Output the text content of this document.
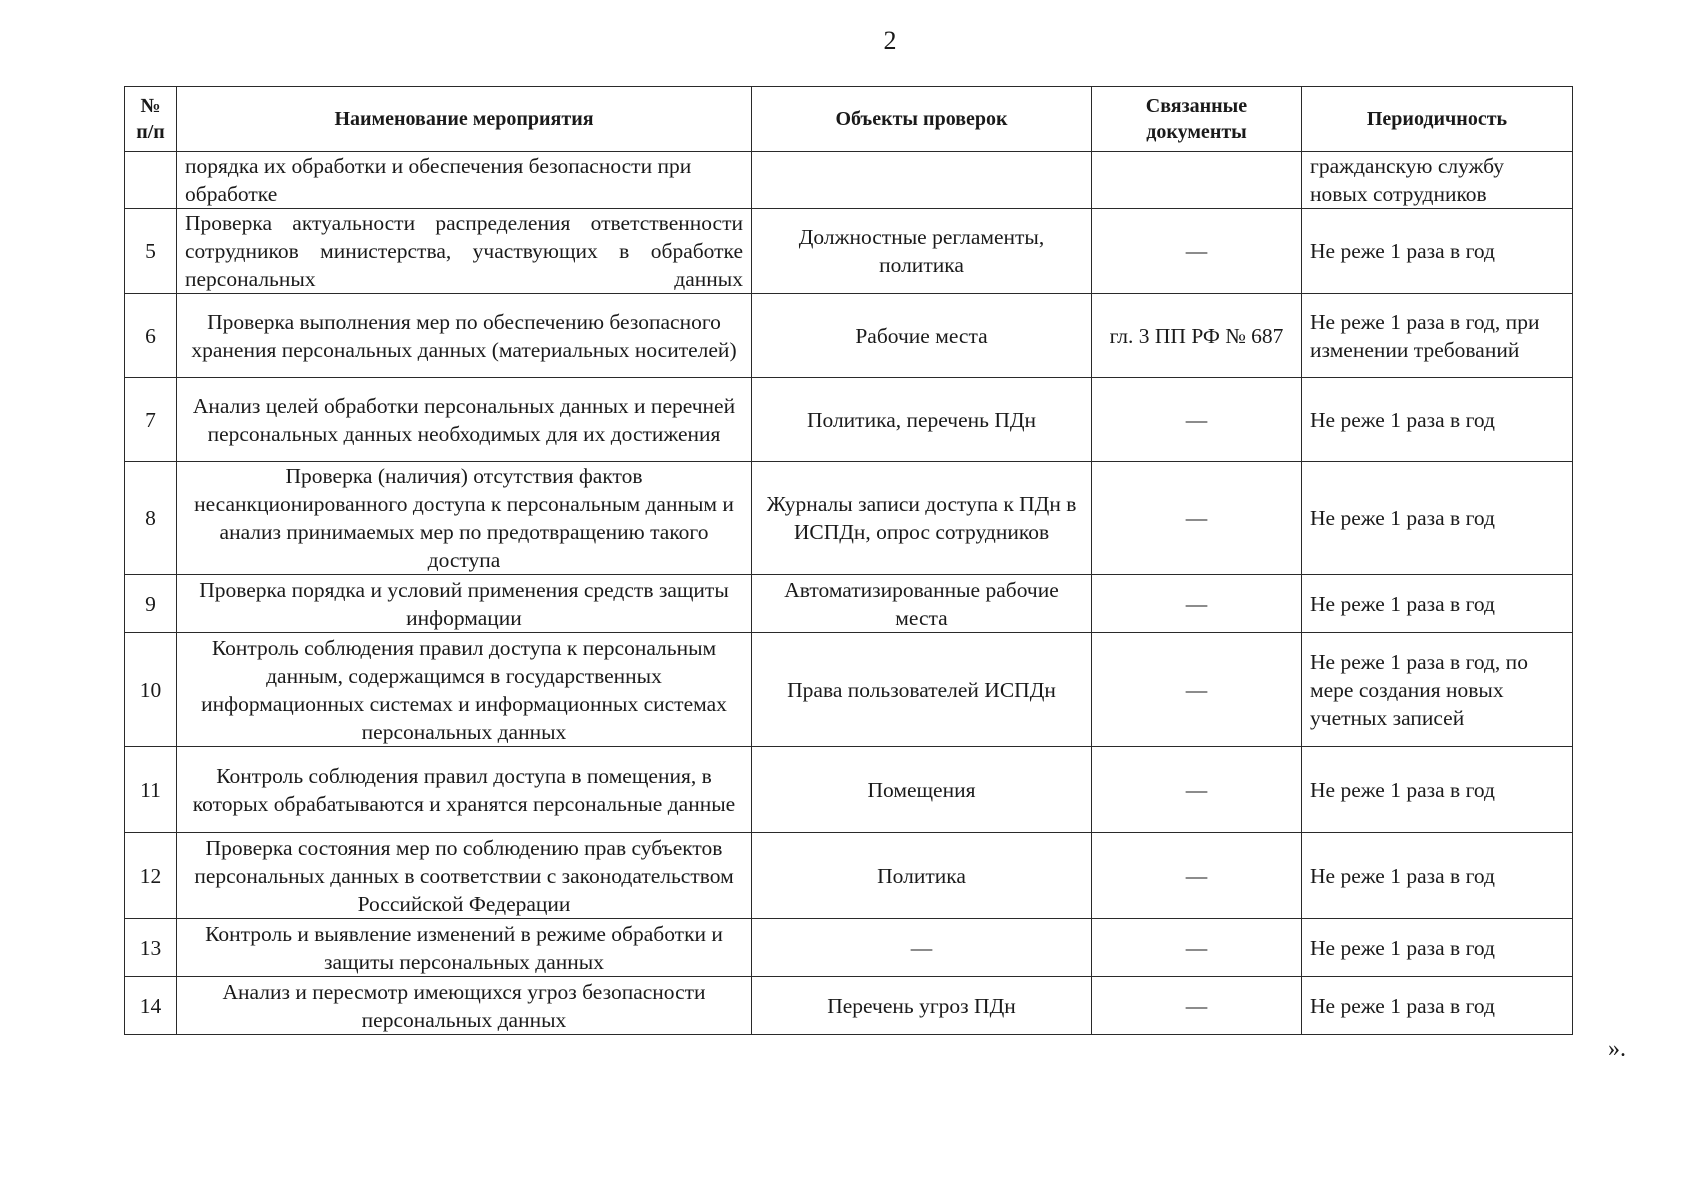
2
№ п/п	Наименование мероприятия	Объекты проверок	Связанные документы	Периодичность
	порядка их обработки и обеспечения безопасности при обработке			гражданскую службу новых сотрудников
5	Проверка актуальности распределения ответственности сотрудников министерства, участвующих в обработке персональных данных	Должностные регламенты, политика	—	Не реже 1 раза в год
6	Проверка выполнения мер по обеспечению безопасного хранения персональных данных (материальных носителей)	Рабочие места	гл. 3 ПП РФ № 687	Не реже 1 раза в год, при изменении требований
7	Анализ целей обработки персональных данных и перечней персональных данных необходимых для их достижения	Политика, перечень ПДн	—	Не реже 1 раза в год
8	Проверка (наличия) отсутствия фактов несанкционированного доступа к персональным данным и анализ принимаемых мер по предотвращению такого доступа	Журналы записи доступа к ПДн в ИСПДн, опрос сотрудников	—	Не реже 1 раза в год
9	Проверка порядка и условий применения средств защиты информации	Автоматизированные рабочие места	—	Не реже 1 раза в год
10	Контроль соблюдения правил доступа к персональным данным, содержащимся в государственных информационных системах и информационных системах персональных данных	Права пользователей ИСПДн	—	Не реже 1 раза в год, по мере создания новых учетных записей
11	Контроль соблюдения правил доступа в помещения, в которых обрабатываются и хранятся персональные данные	Помещения	—	Не реже 1 раза в год
12	Проверка состояния мер по соблюдению прав субъектов персональных данных в соответствии с законодательством Российской Федерации	Политика	—	Не реже 1 раза в год
13	Контроль и выявление изменений в режиме обработки и защиты персональных данных	—	—	Не реже 1 раза в год
14	Анализ и пересмотр имеющихся угроз безопасности персональных данных	Перечень угроз ПДн	—	Не реже 1 раза в год
».
